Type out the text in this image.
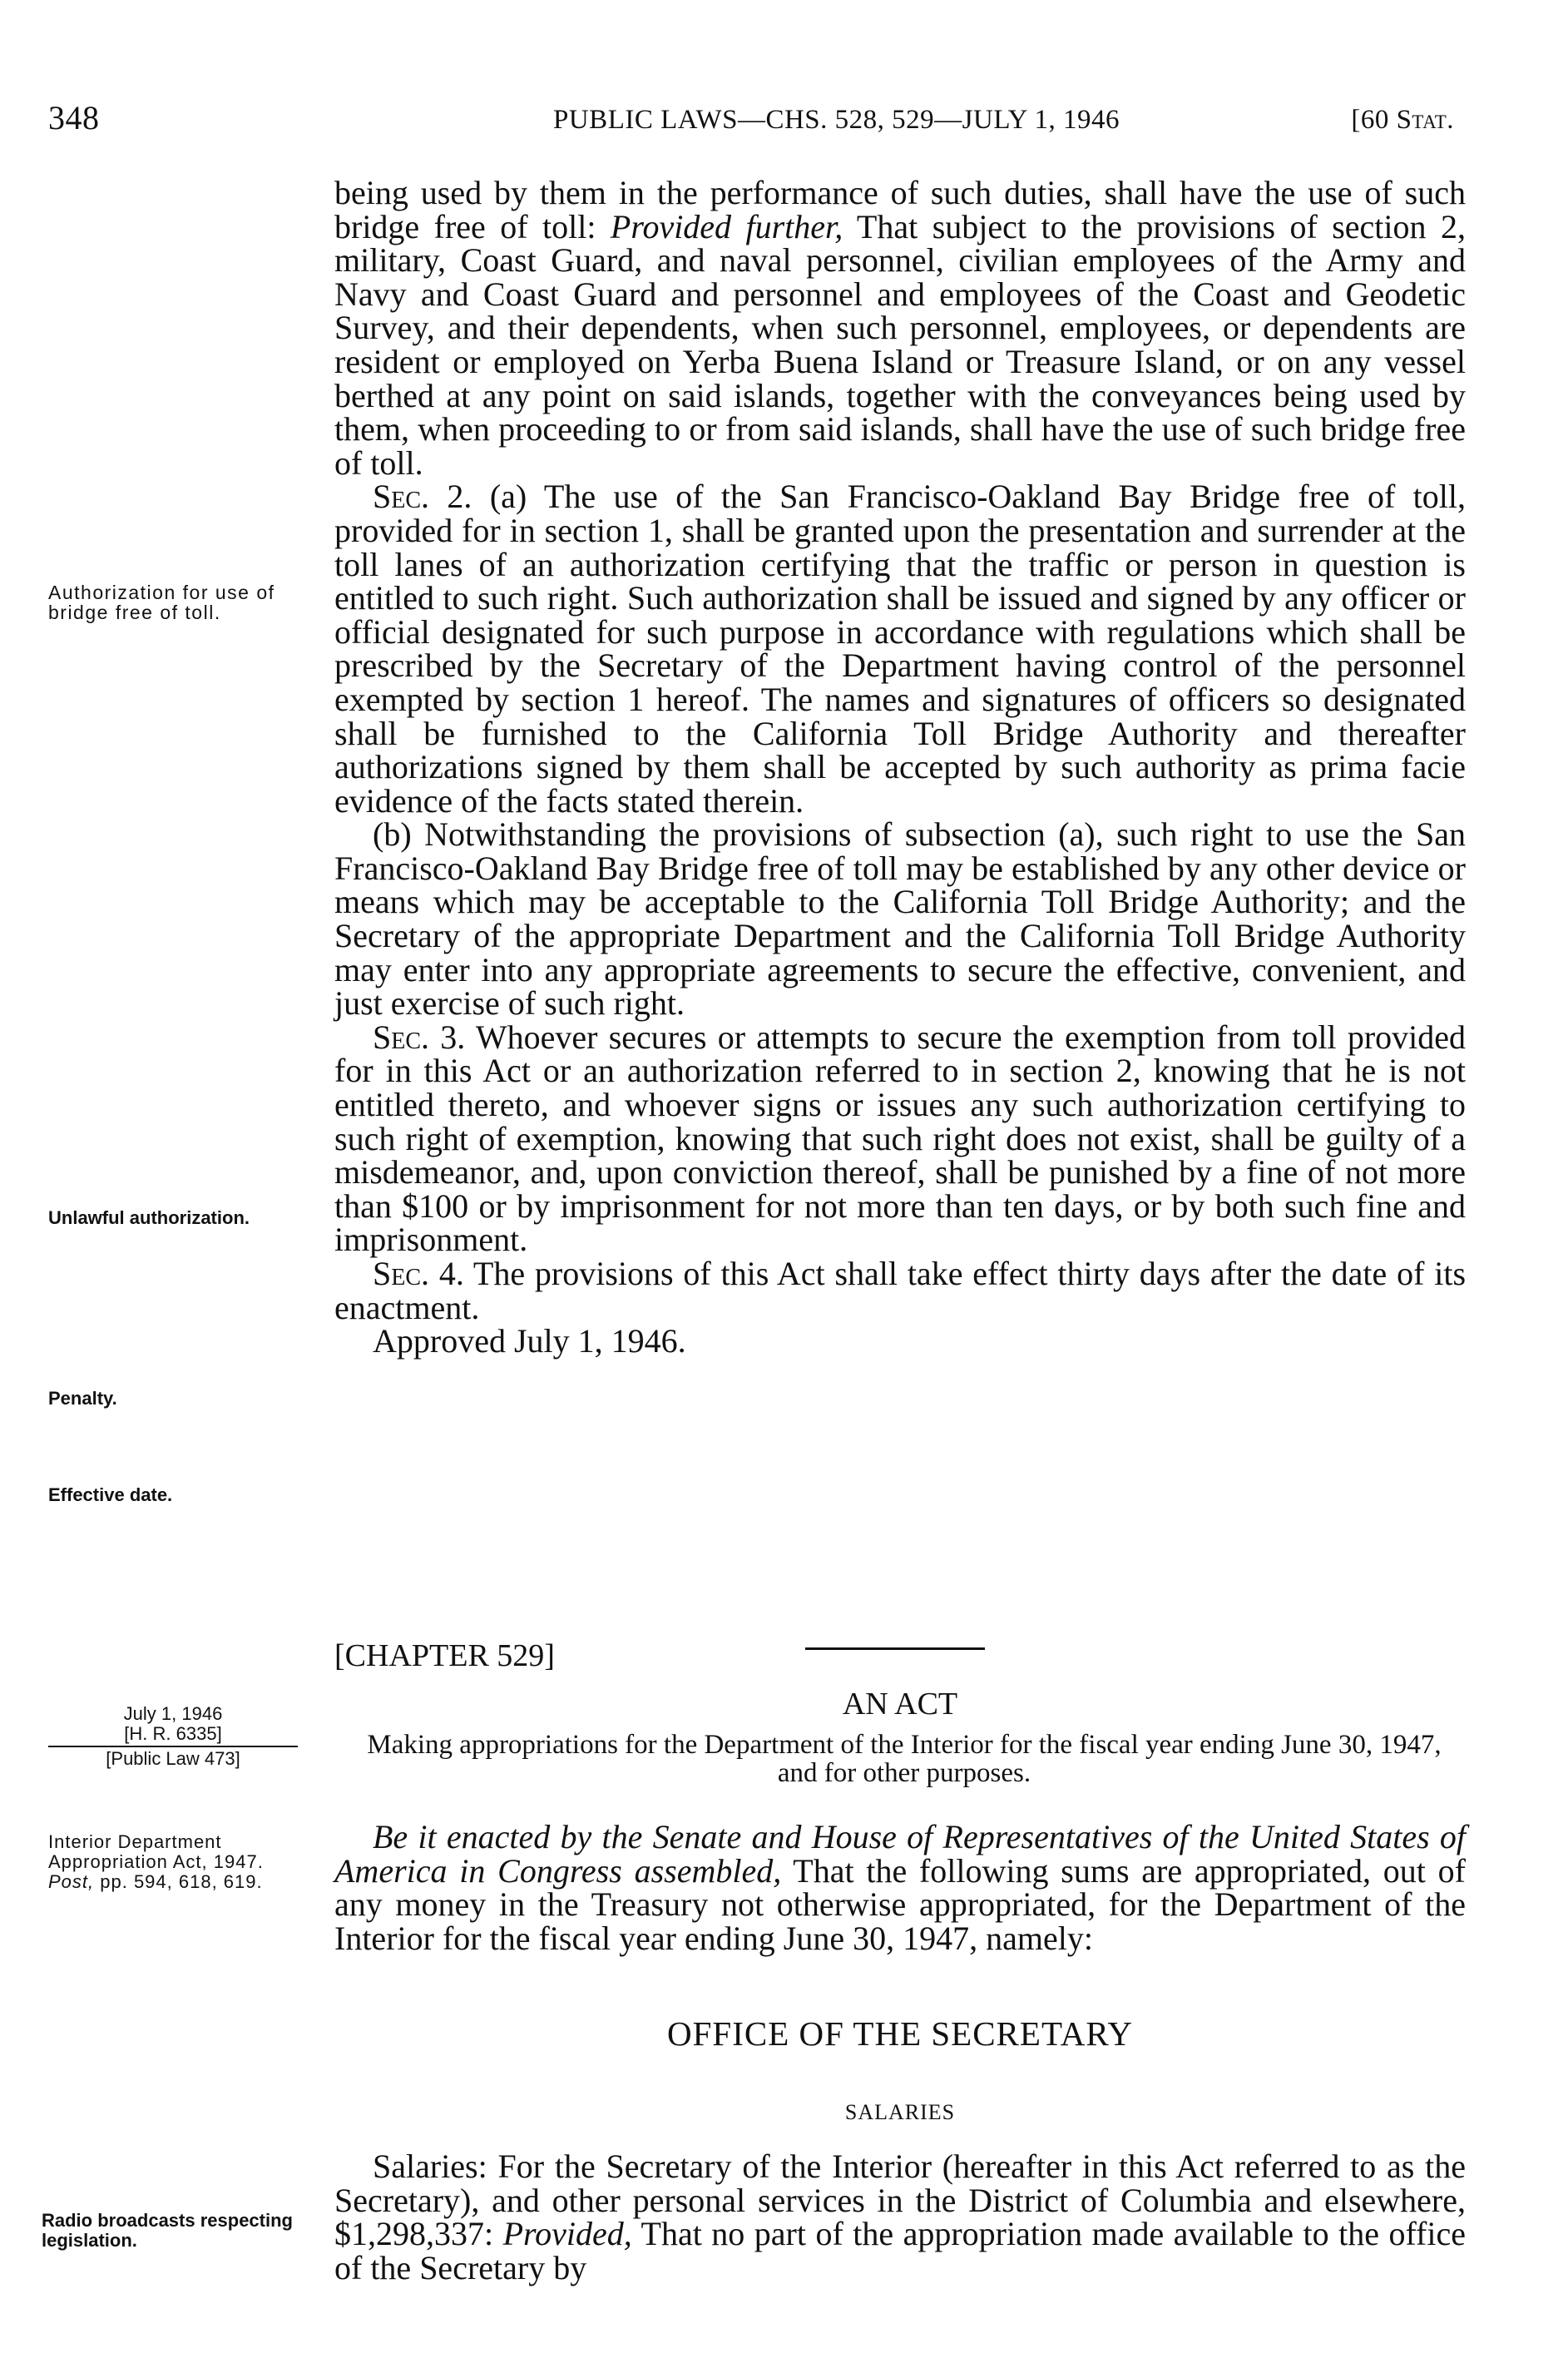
348	PUBLIC LAWS—CHS. 528, 529—JULY 1, 1946	[60 Stat.

being used by them in the performance of such duties, shall have the use of such bridge free of toll: Provided further, That subject to the provisions of section 2, military, Coast Guard, and naval personnel, civilian employees of the Army and Navy and Coast Guard and personnel and employees of the Coast and Geodetic Survey, and their dependents, when such personnel, employees, or dependents are resident or employed on Yerba Buena Island or Treasure Island, or on any vessel berthed at any point on said islands, together with the conveyances being used by them, when proceeding to or from said islands, shall have the use of such bridge free of toll.

Sec. 2. (a) The use of the San Francisco-Oakland Bay Bridge free of toll, provided for in section 1, shall be granted upon the presentation and surrender at the toll lanes of an authorization certifying that the traffic or person in question is entitled to such right. Such authorization shall be issued and signed by any officer or official designated for such purpose in accordance with regulations which shall be prescribed by the Secretary of the Department having control of the personnel exempted by section 1 hereof. The names and signatures of officers so designated shall be furnished to the California Toll Bridge Authority and thereafter authorizations signed by them shall be accepted by such authority as prima facie evidence of the facts stated therein.

(b) Notwithstanding the provisions of subsection (a), such right to use the San Francisco-Oakland Bay Bridge free of toll may be established by any other device or means which may be acceptable to the California Toll Bridge Authority; and the Secretary of the appropriate Department and the California Toll Bridge Authority may enter into any appropriate agreements to secure the effective, convenient, and just exercise of such right.

Sec. 3. Whoever secures or attempts to secure the exemption from toll provided for in this Act or an authorization referred to in section 2, knowing that he is not entitled thereto, and whoever signs or issues any such authorization certifying to such right of exemption, knowing that such right does not exist, shall be guilty of a misdemeanor, and, upon conviction thereof, shall be punished by a fine of not more than $100 or by imprisonment for not more than ten days, or by both such fine and imprisonment.

Sec. 4. The provisions of this Act shall take effect thirty days after the date of its enactment.

Approved July 1, 1946.

Authorization for use of bridge free of toll.
Unlawful authorization.
Penalty.
Effective date.
[CHAPTER 529]
AN ACT
Making appropriations for the Department of the Interior for the fiscal year ending June 30, 1947, and for other purposes.
July 1, 1946
[H. R. 6335]
[Public Law 473]

Be it enacted by the Senate and House of Representatives of the United States of America in Congress assembled, That the following sums are appropriated, out of any money in the Treasury not otherwise appropriated, for the Department of the Interior for the fiscal year ending June 30, 1947, namely:

Interior Department Appropriation Act, 1947.
Post, pp. 594, 618, 619.
OFFICE OF THE SECRETARY
SALARIES

Salaries: For the Secretary of the Interior (hereafter in this Act referred to as the Secretary), and other personal services in the District of Columbia and elsewhere, $1,298,337: Provided, That no part of the appropriation made available to the office of the Secretary by

Radio broadcasts respecting legislation.
